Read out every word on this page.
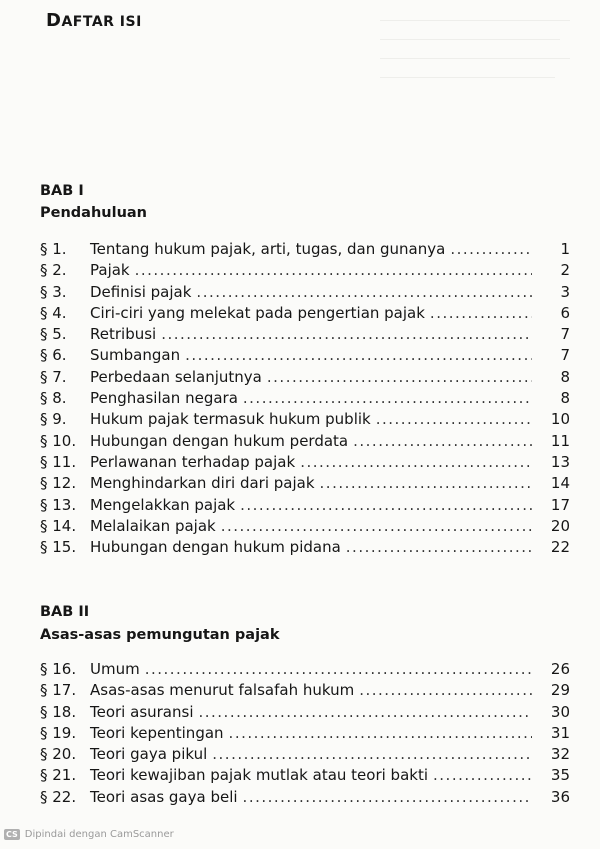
DAFTAR ISI
BAB I
Pendahuluan
§ 1.	Tentang hukum pajak, arti, tugas, dan gunanya .....	1
§ 2.	Pajak .....	2
§ 3.	Definisi pajak .....	3
§ 4.	Ciri-ciri yang melekat pada pengertian pajak .....	6
§ 5.	Retribusi .....	7
§ 6.	Sumbangan .....	7
§ 7.	Perbedaan selanjutnya .....	8
§ 8.	Penghasilan negara .....	8
§ 9.	Hukum pajak termasuk hukum publik .....	10
§ 10. Hubungan dengan hukum perdata .....	11
§ 11. Perlawanan terhadap pajak .....	13
§ 12. Menghindarkan diri dari pajak .....	14
§ 13. Mengelakkan pajak .....	17
§ 14. Melalaikan pajak .....	20
§ 15. Hubungan dengan hukum pidana .....	22
BAB II
Asas-asas pemungutan pajak
§ 16. Umum .....	26
§ 17. Asas-asas menurut falsafah hukum .....	29
§ 18. Teori asuransi .....	30
§ 19. Teori kepentingan .....	31
§ 20. Teori gaya pikul .....	32
§ 21. Teori kewajiban pajak mutlak atau teori bakti .....	35
§ 22. Teori asas gaya beli .....	36
CS Dipindai dengan CamScanner
